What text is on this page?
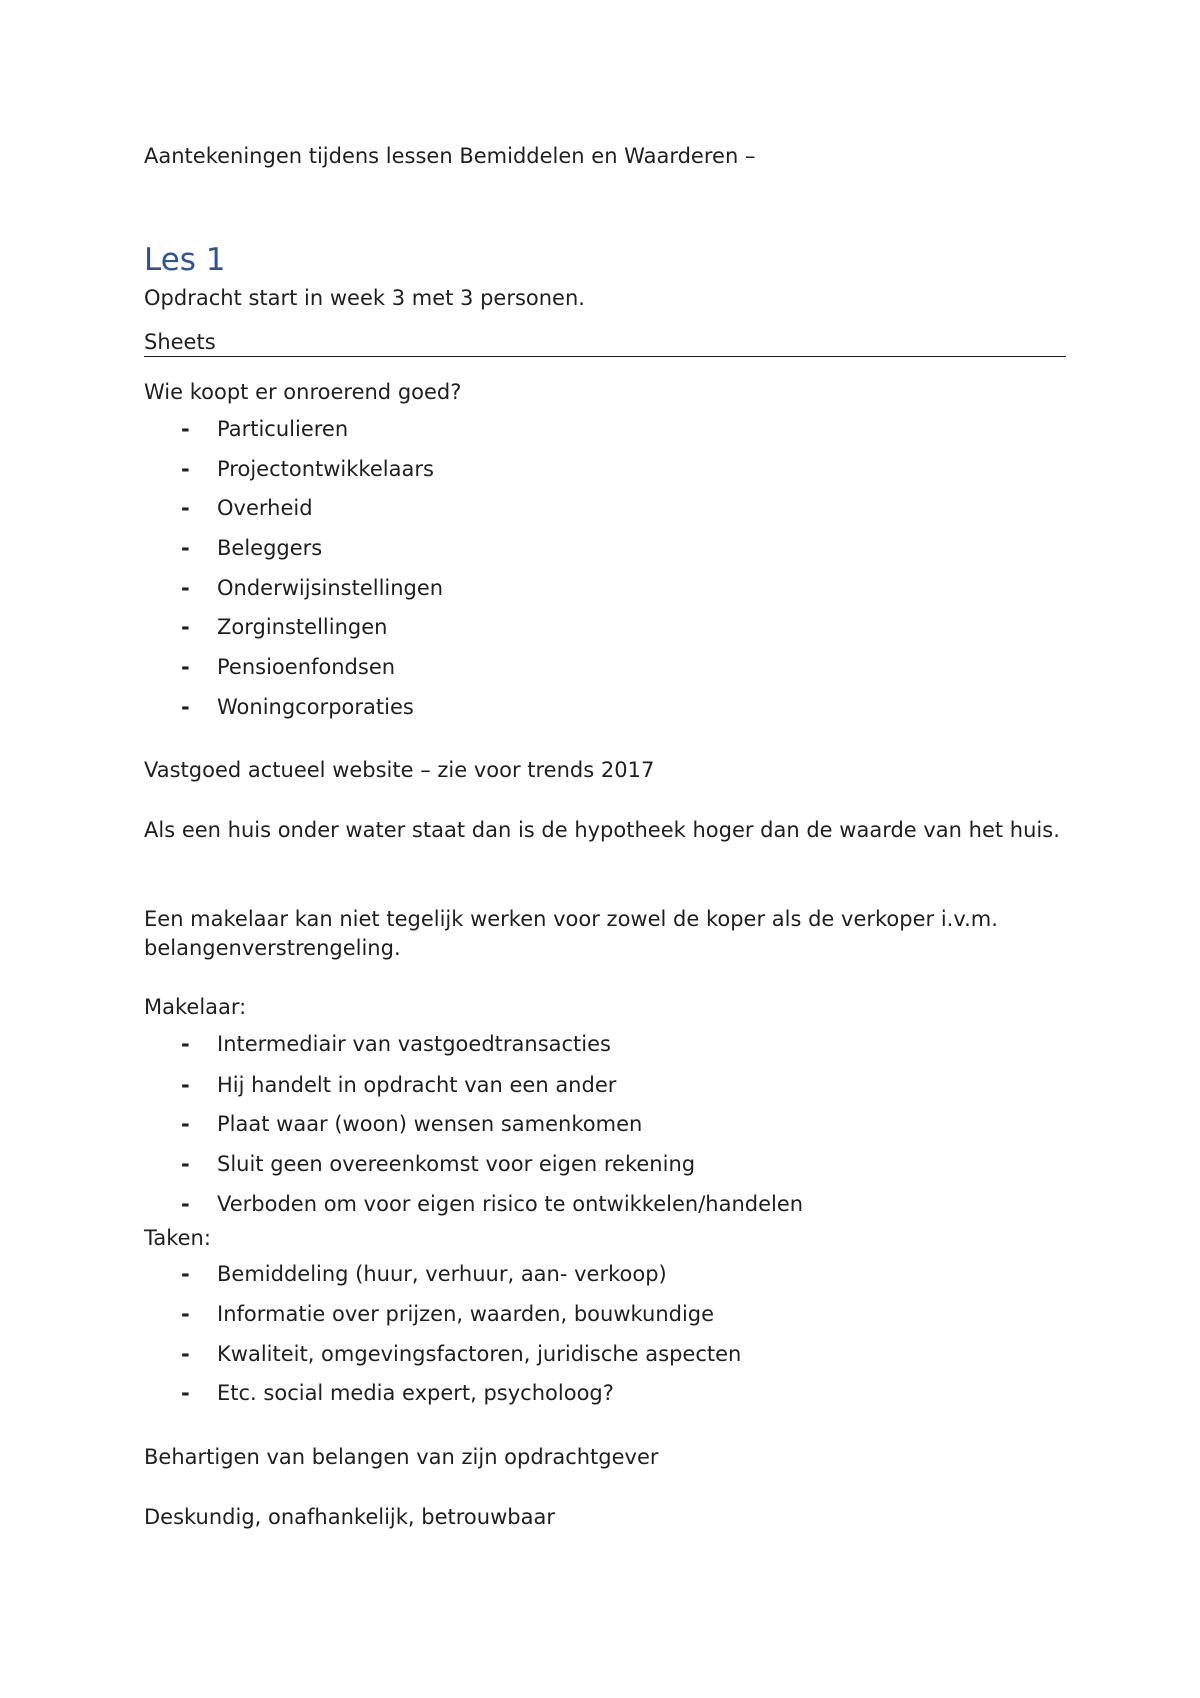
Aantekeningen tijdens lessen Bemiddelen en Waarderen –

Les 1

Opdracht start in week 3 met 3 personen.

Sheets

Wie koopt er onroerend goed?

- Particulieren
- Projectontwikkelaars
- Overheid
- Beleggers
- Onderwijsinstellingen
- Zorginstellingen
- Pensioenfondsen
- Woningcorporaties

Vastgoed actueel website – zie voor trends 2017

Als een huis onder water staat dan is de hypotheek hoger dan de waarde van het huis.

Een makelaar kan niet tegelijk werken voor zowel de koper als de verkoper i.v.m. belangenverstrengeling.

Makelaar:

- Intermediair van vastgoedtransacties
- Hij handelt in opdracht van een ander
- Plaat waar (woon) wensen samenkomen
- Sluit geen overeenkomst voor eigen rekening
- Verboden om voor eigen risico te ontwikkelen/handelen

Taken:

- Bemiddeling (huur, verhuur, aan- verkoop)
- Informatie over prijzen, waarden, bouwkundige
- Kwaliteit, omgevingsfactoren, juridische aspecten
- Etc. social media expert, psycholoog?

Behartigen van belangen van zijn opdrachtgever

Deskundig, onafhankelijk, betrouwbaar
